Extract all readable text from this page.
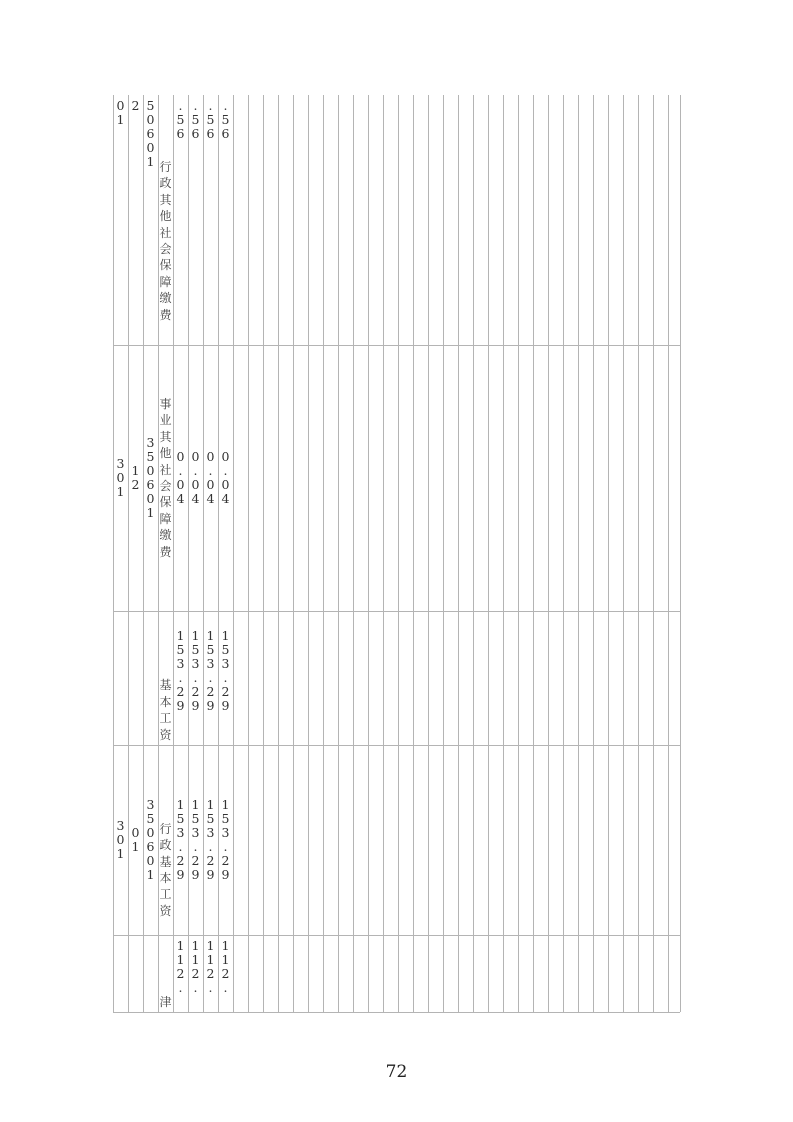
0
1
2 5
0
6
0
1 行
政
其
他
社
会
保
障
缴
费
.
5
6
.
5
6
.
5
6
.
5
6
3
0
1
1
2
3
5
0
6
0
1
事
业
其
他
社
会
保
障
缴
费
0
.
0
4
0
.
0
4
0
.
0
4
0
.
0
4
基
本
工
资
1
5
3
.
2
9
1
5
3
.
2
9
1
5
3
.
2
9
1
5
3
.
2
9
3
0
1
0
1
3
5
0
6
0
1
行
政
基
本
工
资
1
5
3
.
2
9
1
5
3
.
2
9
1
5
3
.
2
9
1
5
3
.
2
9
津
1
1
2
.
1
1
2
.
1
1
2
.
1
1
2
.
72
